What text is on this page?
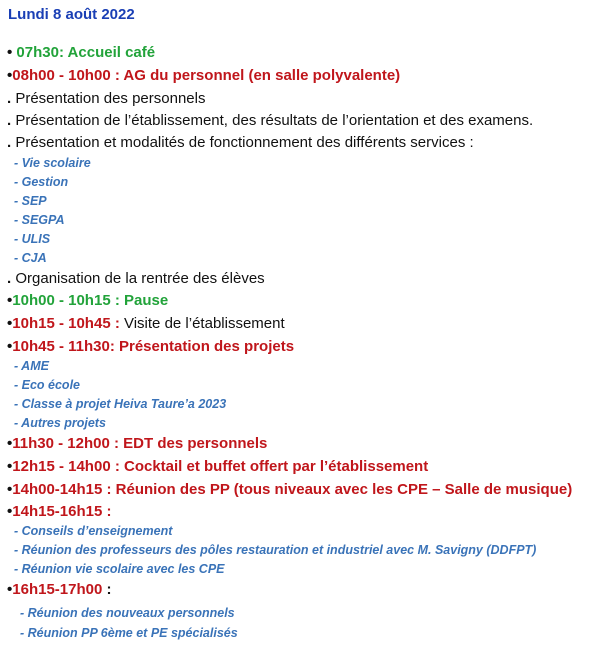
Lundi 8 août 2022
• 07h30: Accueil café
•08h00 - 10h00 : AG du personnel (en salle polyvalente)
. Présentation des personnels
. Présentation de l’établissement, des résultats de l’orientation et des examens.
. Présentation et modalités de fonctionnement des différents services :
- Vie scolaire
- Gestion
- SEP
- SEGPA
- ULIS
- CJA
. Organisation de la rentrée des élèves
•10h00 - 10h15 : Pause
•10h15 - 10h45 : Visite de l’établissement
•10h45 - 11h30: Présentation des projets
- AME
- Eco école
- Classe à projet Heiva Taure’a 2023
- Autres projets
•11h30 - 12h00 : EDT des personnels
•12h15 - 14h00 : Cocktail et buffet offert par l’établissement
•14h00-14h15 : Réunion des PP (tous niveaux avec les CPE – Salle de musique)
•14h15-16h15 :
- Conseils d’enseignement
- Réunion des professeurs des pôles restauration et industriel avec M. Savigny (DDFPT)
- Réunion vie scolaire avec les CPE
•16h15-17h00 :
- Réunion des nouveaux personnels
- Réunion PP 6ème et PE spécialisés
